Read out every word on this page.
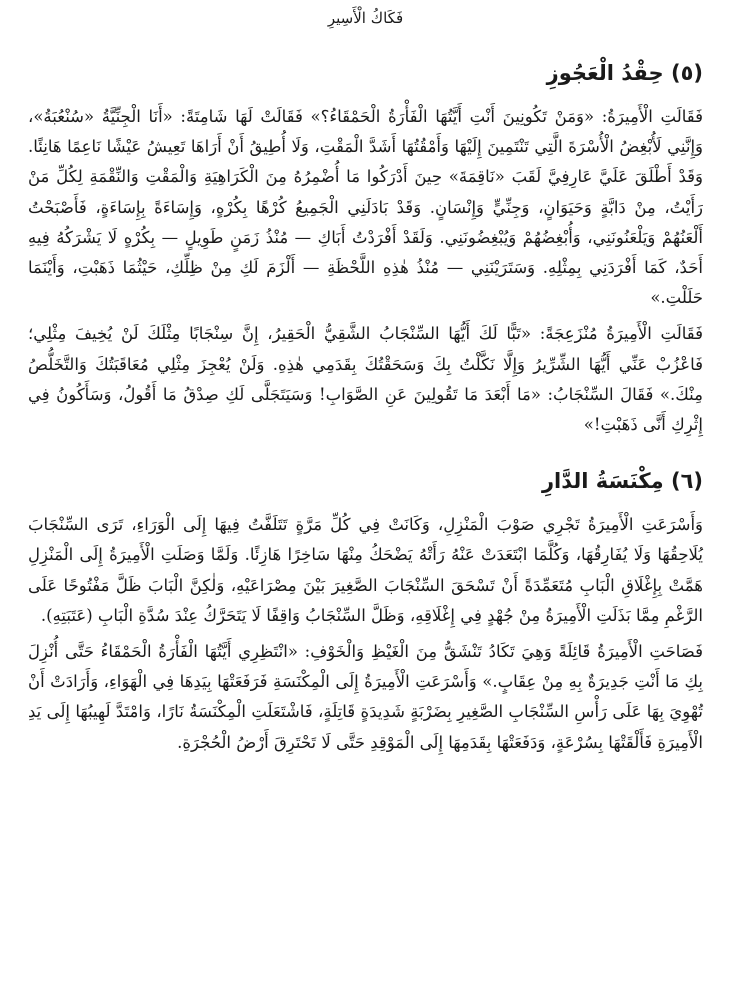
فَكَاكُ الْأَسِيرِ
(٥) حِقْدُ الْعَجُوزِ

فَقَالَتِ الْأَمِيرَةُ: «وَمَنْ تَكُونِينَ أَنْتِ أَيَّتُهَا الْفَأْرَةُ الْحَمْقَاءُ؟» فَقَالَتْ لَهَا شَامِتَةً: «أَنَا الْجِنِّيَّةُ «سُنْعُبَةُ»، وَإِنَّنِي لَأُبْغِضُ الْأُسْرَةَ الَّتِي تَنْتَمِينَ إِلَيْهَا وَأَمْقُتُهَا أَشَدَّ الْمَقْتِ، وَلَا أُطِيقُ أَنْ أَرَاهَا تَعِيشُ عَيْشًا نَاعِمًا هَانِئًا. وَقَدْ أَطْلَقَ عَلَيَّ عَارِفِيَّ لَقَبَ «نَاقِمَةَ» حِينَ أَدْرَكُوا مَا أُضْمِرُهُ مِنَ الْكَرَاهِيَةِ وَالْمَقْتِ وَالنِّقْمَةِ لِكُلِّ مَنْ رَأَيْتُ، مِنْ دَابَّةٍ وَحَيَوَانٍ، وَجِنِّيٍّ وَإِنْسَانٍ. وَقَدْ بَادَلَنِي الْجَمِيعُ كُرْهًا بِكُرْهٍ، وَإِسَاءَةً بِإِسَاءَةٍ، فَأَصْبَحْتُ أَلْعَنُهُمْ وَيَلْعَنُونَنِي، وَأُبْغِضُهُمْ وَيُبْغِضُونَنِي. وَلَقَدْ أَفْرَدْتُ أَبَاكِ — مُنْذُ زَمَنٍ طَوِيلٍ — بِكُرْهٍ لَا يَشْرَكُهُ فِيهِ أَحَدٌ، كَمَا أَفْرَدَنِي بِمِثْلِهِ. وَسَتَرَيْنَنِي — مُنْذُ هٰذِهِ اللَّحْظَةِ — أَلْزَمَ لَكِ مِنْ ظِلِّكِ، حَيْثُمَا ذَهَبْتِ، وَأَيْنَمَا حَلَلْتِ.»

فَقَالَتِ الْأَمِيرَةُ مُنْزَعِجَةً: «تَبًّا لَكَ أَيُّهَا السِّنْجَابُ الشَّقِيُّ الْحَقِيرُ، إِنَّ سِنْجَابًا مِثْلَكَ لَنْ يُخِيفَ مِثْلِي؛ فَاعْزُبْ عَنِّي أَيُّهَا الشِّرِّيرُ وَإِلَّا نَكَّلْتُ بِكَ وَسَحَقْتُكَ بِقَدَمِي هٰذِهِ. وَلَنْ يُعْجِزَ مِثْلِي مُعَاقَبَتُكَ وَالتَّخَلُّصُ مِنْكَ.» فَقَالَ السِّنْجَابُ: «مَا أَبْعَدَ مَا تَقُولِينَ عَنِ الصَّوَابِ! وَسَيَتَجَلَّى لَكِ صِدْقُ مَا أَقُولُ، وَسَأَكُونُ فِي إِثْرِكِ أَنَّى ذَهَبْتِ!»

(٦) مِكْنَسَةُ الدَّارِ

وَأَسْرَعَتِ الْأَمِيرَةُ تَجْرِي صَوْبَ الْمَنْزِلِ، وَكَانَتْ فِي كُلِّ مَرَّةٍ تَتَلَفَّتُ فِيهَا إِلَى الْوَرَاءِ، تَرَى السِّنْجَابَ يُلَاحِقُهَا وَلَا يُفَارِقُهَا، وَكُلَّمَا ابْتَعَدَتْ عَنْهُ رَأَتْهُ يَضْحَكُ مِنْهَا سَاخِرًا هَازِئًا. وَلَمَّا وَصَلَتِ الْأَمِيرَةُ إِلَى الْمَنْزِلِ هَمَّتْ بِإِغْلَاقِ الْبَابِ مُتَعَمِّدَةً أَنْ تَسْحَقَ السِّنْجَابَ الصَّغِيرَ بَيْنَ مِصْرَاعَيْهِ، وَلٰكِنَّ الْبَابَ ظَلَّ مَفْتُوحًا عَلَى الرَّغْمِ مِمَّا بَذَلَتِ الْأَمِيرَةُ مِنْ جُهْدٍ فِي إِغْلَاقِهِ، وَظَلَّ السِّنْجَابُ وَاقِفًا لَا يَتَحَرَّكُ عِنْدَ سُدَّةِ الْبَابِ (عَتَبَتِهِ).

فَصَاحَتِ الْأَمِيرَةُ قَائِلَةً وَهِيَ تَكَادُ تَنْشَقُّ مِنَ الْغَيْظِ وَالْخَوْفِ: «انْتَظِرِي أَيَّتُهَا الْفَأْرَةُ الْحَمْقَاءُ حَتَّى أُنْزِلَ بِكِ مَا أَنْتِ جَدِيرَةٌ بِهِ مِنْ عِقَابٍ.» وَأَسْرَعَتِ الْأَمِيرَةُ إِلَى الْمِكْنَسَةِ فَرَفَعَتْهَا بِيَدِهَا فِي الْهَوَاءِ، وَأَرَادَتْ أَنْ تُهْوِيَ بِهَا عَلَى رَأْسِ السِّنْجَابِ الصَّغِيرِ بِضَرْبَةٍ شَدِيدَةٍ قَاتِلَةٍ، فَاشْتَعَلَتِ الْمِكْنَسَةُ نَارًا، وَامْتَدَّ لَهِيبُهَا إِلَى يَدِ الْأَمِيرَةِ فَأَلْقَتْهَا بِسُرْعَةٍ، وَدَفَعَتْهَا بِقَدَمِهَا إِلَى الْمَوْقِدِ حَتَّى لَا تَحْتَرِقَ أَرْضُ الْحُجْرَةِ.
